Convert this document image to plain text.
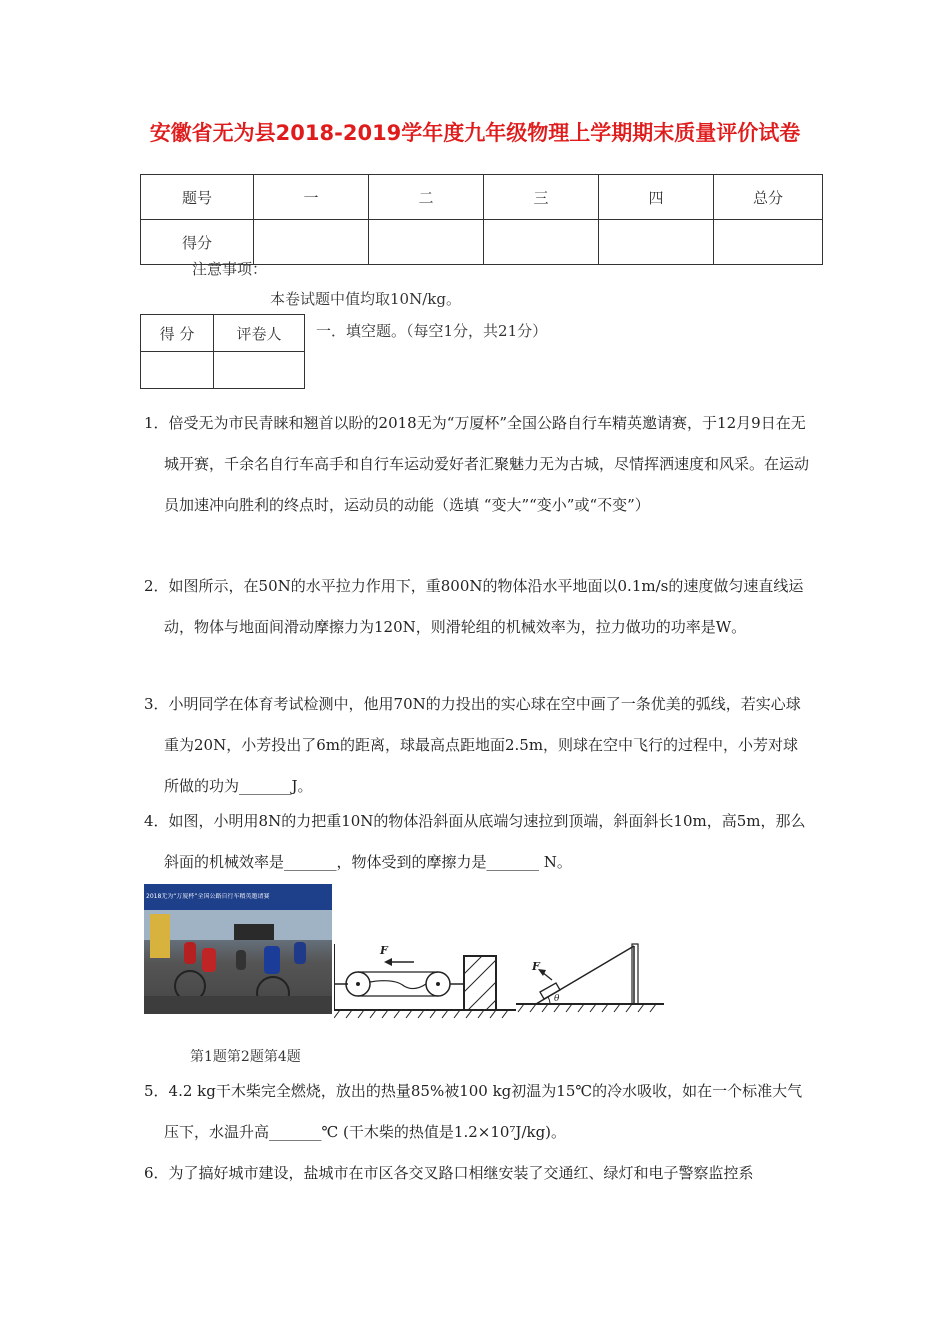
安徽省无为县2018-2019学年度九年级物理上学期期末质量评价试卷
题号	一	二	三	四	总分
得分					
注意事项：
本卷试题中值均取10N/kg。
得 分	评卷人
	一．填空题。（每空1分，共21分）
1．倍受无为市民青睐和翘首以盼的2018无为“万厦杯”全国公路自行车精英邀请赛，于12月9日在无城开赛，千余名自行车高手和自行车运动爱好者汇聚魅力无为古城，尽情挥洒速度和风采。在运动员加速冲向胜利的终点时，运动员的动能（选填 “变大”“变小”或“不变”）
2．如图所示，在50N的水平拉力作用下，重800N的物体沿水平地面以0.1m/s的速度做匀速直线运动，物体与地面间滑动摩擦力为120N，则滑轮组的机械效率为，拉力做功的功率是W。
3．小明同学在体育考试检测中，他用70N的力投出的实心球在空中画了一条优美的弧线，若实心球重为20N，小芳投出了6m的距离，球最高点距地面2.5m，则球在空中飞行的过程中，小芳对球所做的功为_______J。
4．如图，小明用8N的力把重10N的物体沿斜面从底端匀速拉到顶端，斜面斜长10m，高5m，那么斜面的机械效率是_______，物体受到的摩擦力是_______ N。
2018无为“万厦杯”全国公路自行车精英邀请赛
F
F
θ
第1题第2题第4题
5．4.2 kg干木柴完全燃烧，放出的热量85%被100 kg初温为15℃的冷水吸收，如在一个标准大气压下，水温升高_______℃ (干木柴的热值是1.2×10⁷J/kg)。
6．为了搞好城市建设，盐城市在市区各交叉路口相继安装了交通红、绿灯和电子警察监控系
